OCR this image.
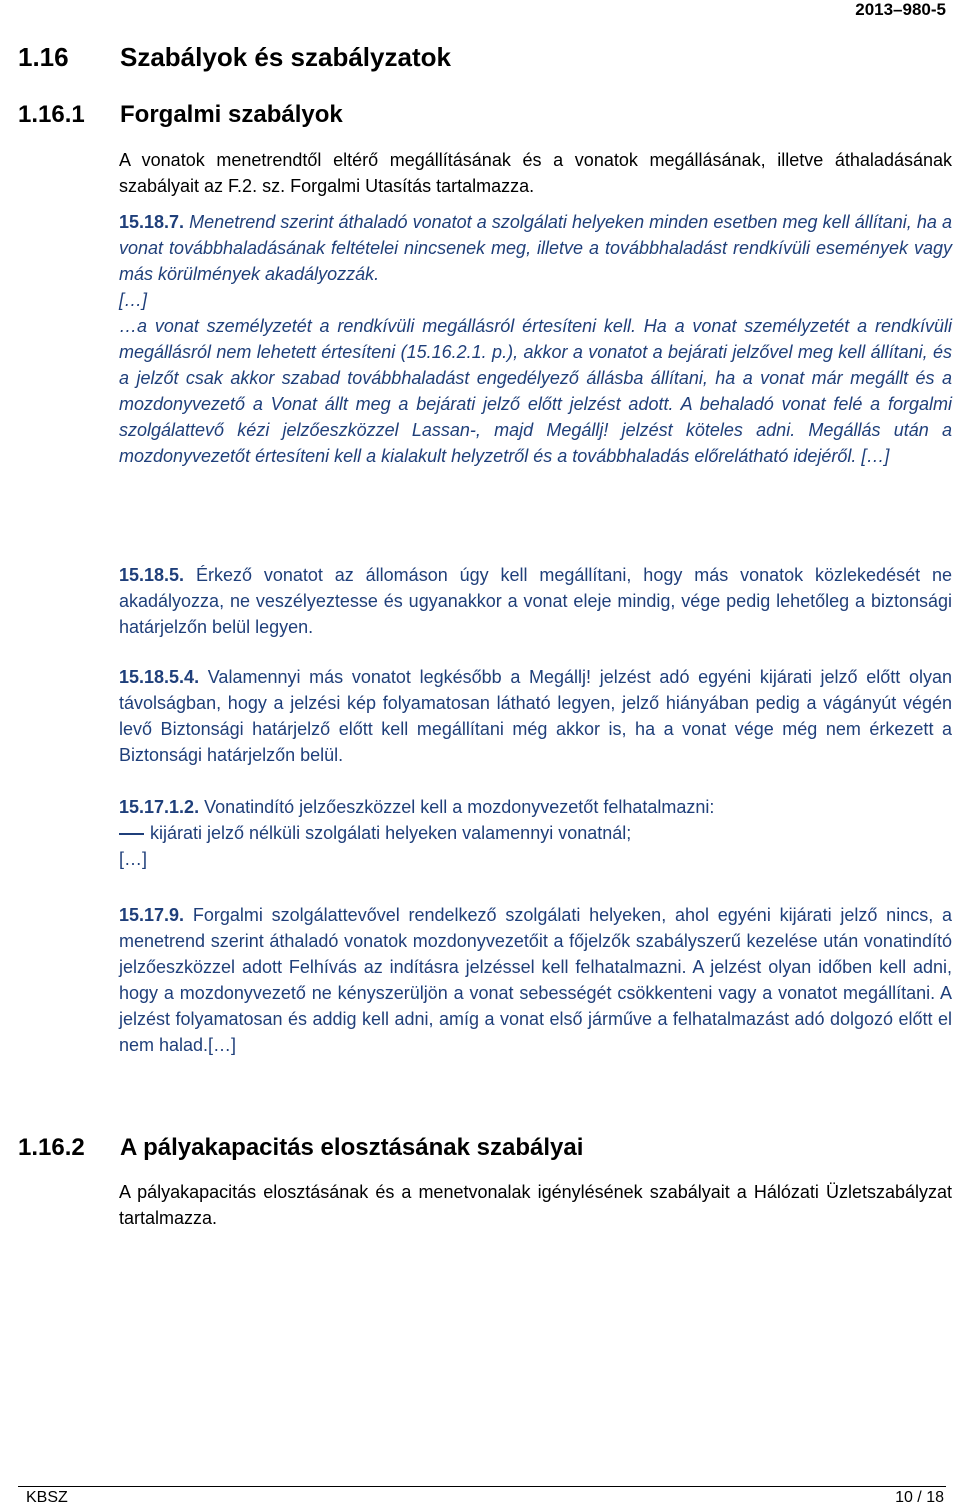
2013–980-5
1.16 Szabályok és szabályzatok
1.16.1 Forgalmi szabályok

A vonatok menetrendtől eltérő megállításának és a vonatok megállásának, illetve áthaladásának szabályait az F.2. sz. Forgalmi Utasítás tartalmazza.

15.18.7. Menetrend szerint áthaladó vonatot a szolgálati helyeken minden esetben meg kell állítani, ha a vonat továbbhaladásának feltételei nincsenek meg, illetve a továbbhaladást rendkívüli események vagy más körülmények akadályozzák.
[…]
…a vonat személyzetét a rendkívüli megállásról értesíteni kell. Ha a vonat személyzetét a rendkívüli megállásról nem lehetett értesíteni (15.16.2.1. p.), akkor a vonatot a bejárati jelzővel meg kell állítani, és a jelzőt csak akkor szabad továbbhaladást engedélyező állásba állítani, ha a vonat már megállt és a mozdonyvezető a Vonat állt meg a bejárati jelző előtt jelzést adott. A behaladó vonat felé a forgalmi szolgálattevő kézi jelzőeszközzel Lassan-, majd Megállj! jelzést köteles adni. Megállás után a mozdonyvezetőt értesíteni kell a kialakult helyzetről és a továbbhaladás előrelátható idejéről. […]

15.18.5. Érkező vonatot az állomáson úgy kell megállítani, hogy más vonatok közlekedését ne akadályozza, ne veszélyeztesse és ugyanakkor a vonat eleje mindig, vége pedig lehetőleg a biztonsági határjelzőn belül legyen.

15.18.5.4. Valamennyi más vonatot legkésőbb a Megállj! jelzést adó egyéni kijárati jelző előtt olyan távolságban, hogy a jelzési kép folyamatosan látható legyen, jelző hiányában pedig a vágányút végén levő Biztonsági határjelző előtt kell megállítani még akkor is, ha a vonat vége még nem érkezett a Biztonsági határjelzőn belül.

15.17.1.2. Vonatindító jelzőeszközzel kell a mozdonyvezetőt felhatalmazni:

kijárati jelző nélküli szolgálati helyeken valamennyi vonatnál;

[…]

15.17.9. Forgalmi szolgálattevővel rendelkező szolgálati helyeken, ahol egyéni kijárati jelző nincs, a menetrend szerint áthaladó vonatok mozdonyvezetőit a főjelzők szabályszerű kezelése után vonatindító jelzőeszközzel adott Felhívás az indításra jelzéssel kell felhatalmazni. A jelzést olyan időben kell adni, hogy a mozdonyvezető ne kényszerüljön a vonat sebességét csökkenteni vagy a vonatot megállítani. A jelzést folyamatosan és addig kell adni, amíg a vonat első járműve a felhatalmazást adó dolgozó előtt el nem halad.[…]

1.16.2 A pályakapacitás elosztásának szabályai

A pályakapacitás elosztásának és a menetvonalak igénylésének szabályait a Hálózati Üzletszabályzat tartalmazza.

KBSZ	10 / 18
